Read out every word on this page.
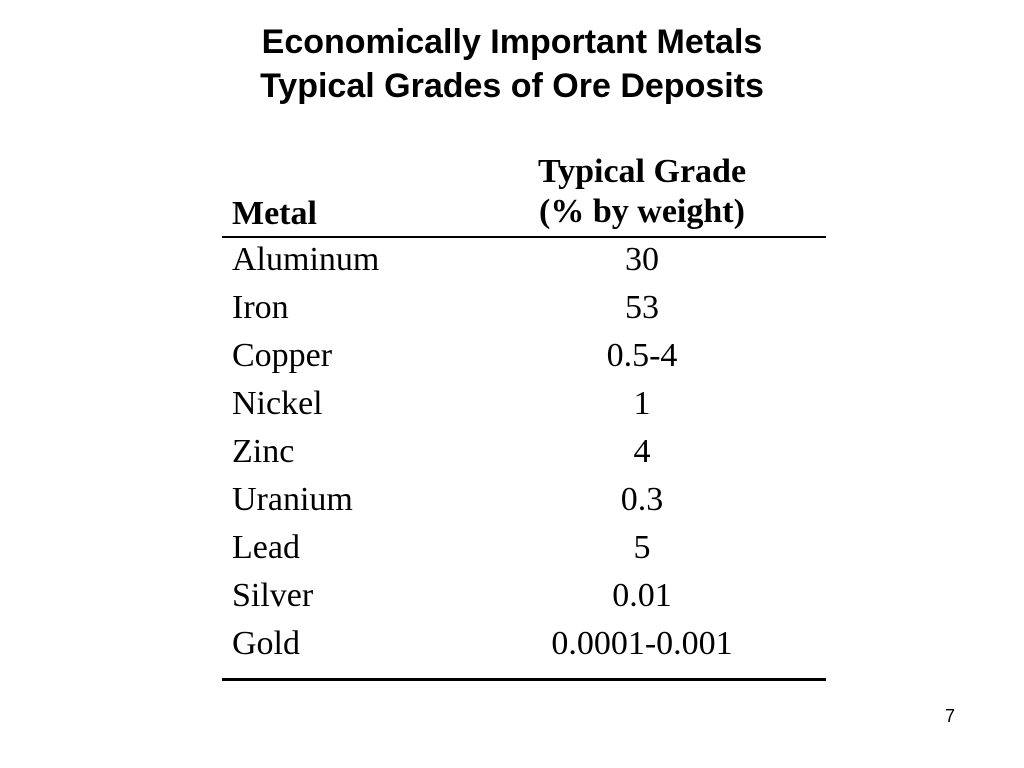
Economically Important Metals
Typical Grades of Ore Deposits
Metal
Typical Grade
(% by weight)
Aluminum	30
Iron	53
Copper	0.5-4
Nickel	1
Zinc	4
Uranium	0.3
Lead	5
Silver	0.01
Gold	0.0001-0.001
7
